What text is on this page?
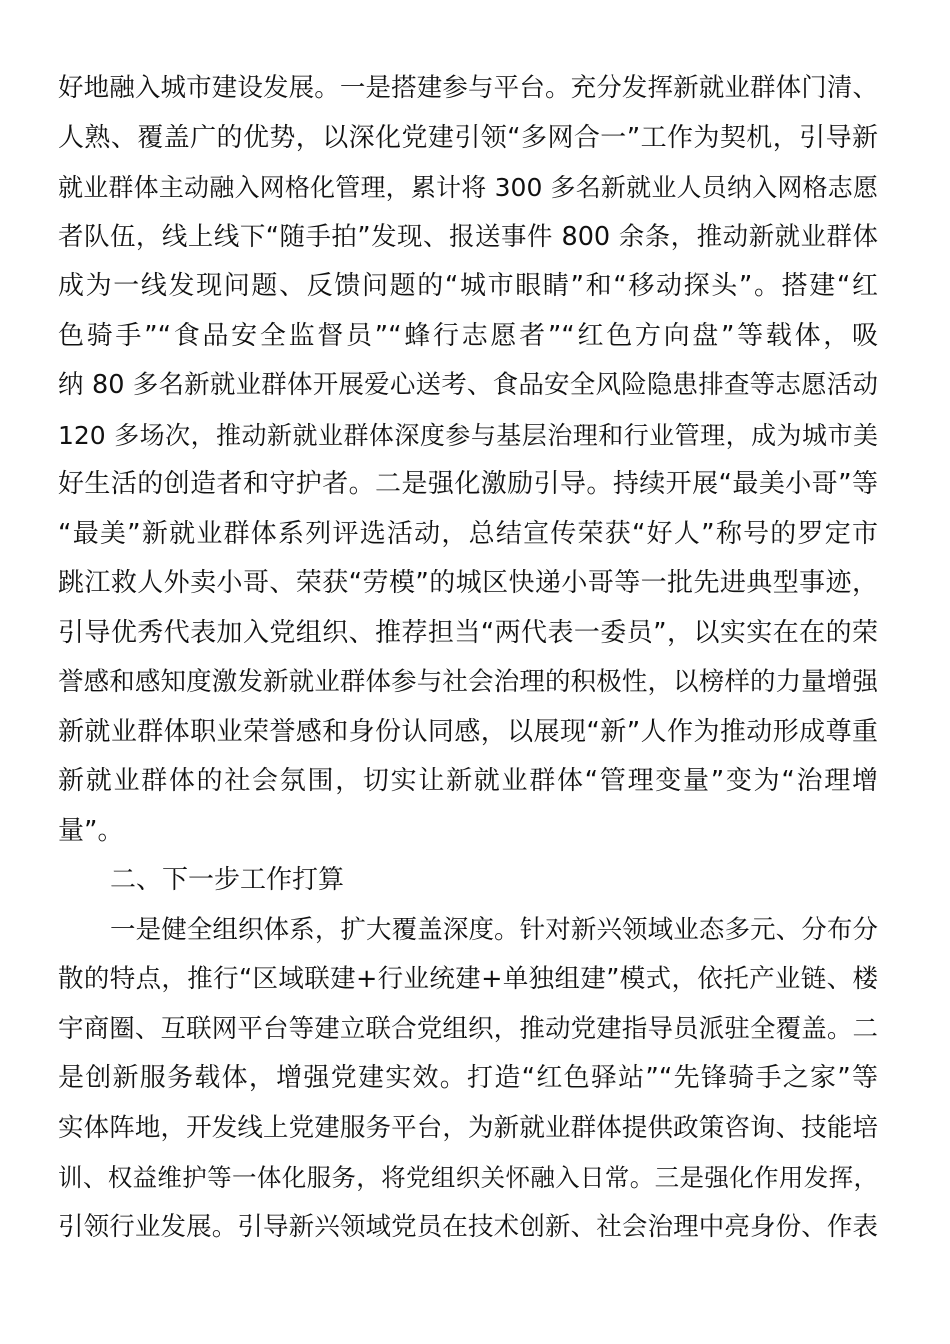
好地融入城市建设发展。一是搭建参与平台。充分发挥新就业群体门清、
人熟、覆盖广的优势，以深化党建引领“多网合一”工作为契机，引导新
就业群体主动融入网格化管理，累计将 300 多名新就业人员纳入网格志愿
者队伍，线上线下“随手拍”发现、报送事件 800 余条，推动新就业群体
成为一线发现问题、反馈问题的“城市眼睛”和“移动探头”。搭建“红
色骑手”“食品安全监督员”“蜂行志愿者”“红色方向盘”等载体，吸
纳 80 多名新就业群体开展爱心送考、食品安全风险隐患排查等志愿活动
120 多场次，推动新就业群体深度参与基层治理和行业管理，成为城市美
好生活的创造者和守护者。二是强化激励引导。持续开展“最美小哥”等
“最美”新就业群体系列评选活动，总结宣传荣获“好人”称号的罗定市
跳江救人外卖小哥、荣获“劳模”的城区快递小哥等一批先进典型事迹，
引导优秀代表加入党组织、推荐担当“两代表一委员”，以实实在在的荣
誉感和感知度激发新就业群体参与社会治理的积极性，以榜样的力量增强
新就业群体职业荣誉感和身份认同感，以展现“新”人作为推动形成尊重
新就业群体的社会氛围，切实让新就业群体“管理变量”变为“治理增
量”。
二、下一步工作打算
一是健全组织体系，扩大覆盖深度。针对新兴领域业态多元、分布分
散的特点，推行“区域联建+行业统建+单独组建”模式，依托产业链、楼
宇商圈、互联网平台等建立联合党组织，推动党建指导员派驻全覆盖。二
是创新服务载体，增强党建实效。打造“红色驿站”“先锋骑手之家”等
实体阵地，开发线上党建服务平台，为新就业群体提供政策咨询、技能培
训、权益维护等一体化服务，将党组织关怀融入日常。三是强化作用发挥，
引领行业发展。引导新兴领域党员在技术创新、社会治理中亮身份、作表
